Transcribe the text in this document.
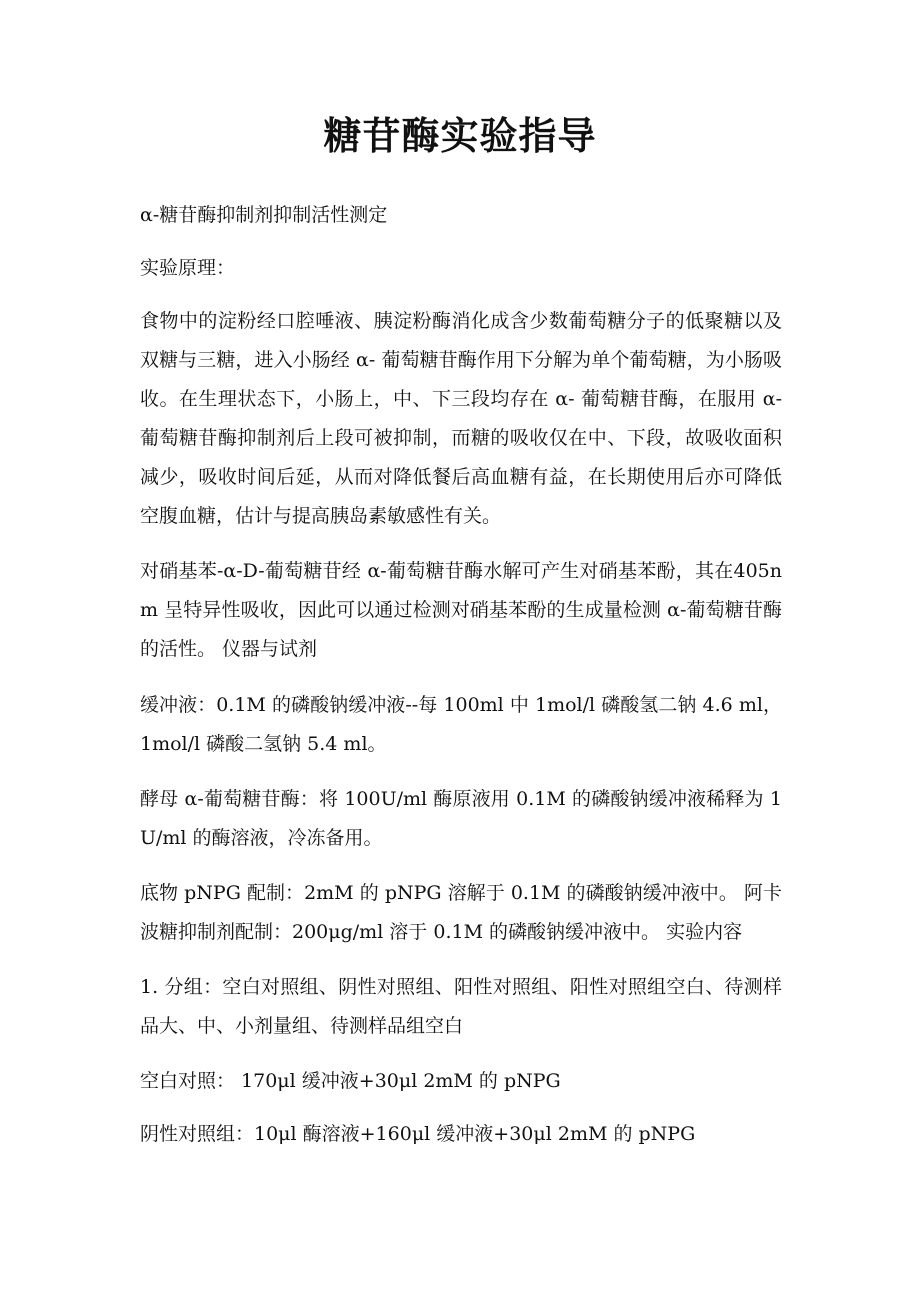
糖苷酶实验指导

α-糖苷酶抑制剂抑制活性测定

实验原理：

食物中的淀粉经口腔唾液、胰淀粉酶消化成含少数葡萄糖分子的低聚糖以及双糖与三糖，进入小肠经 α- 葡萄糖苷酶作用下分解为单个葡萄糖，为小肠吸收。在生理状态下，小肠上，中、下三段均存在 α- 葡萄糖苷酶，在服用 α- 葡萄糖苷酶抑制剂后上段可被抑制，而糖的吸收仅在中、下段，故吸收面积减少，吸收时间后延，从而对降低餐后高血糖有益，在长期使用后亦可降低空腹血糖，估计与提高胰岛素敏感性有关。

对硝基苯-α-D-葡萄糖苷经 α-葡萄糖苷酶水解可产生对硝基苯酚，其在405nm 呈特异性吸收，因此可以通过检测对硝基苯酚的生成量检测 α-葡萄糖苷酶的活性。 仪器与试剂

缓冲液：0.1M 的磷酸钠缓冲液--每 100ml 中 1mol/l 磷酸氢二钠 4.6 ml，1mol/l 磷酸二氢钠 5.4 ml。

酵母 α-葡萄糖苷酶：将 100U/ml 酶原液用 0.1M 的磷酸钠缓冲液稀释为 1U/ml 的酶溶液，冷冻备用。

底物 pNPG 配制：2mM 的 pNPG 溶解于 0.1M 的磷酸钠缓冲液中。 阿卡波糖抑制剂配制：200μg/ml 溶于 0.1M 的磷酸钠缓冲液中。 实验内容

1. 分组：空白对照组、阴性对照组、阳性对照组、阳性对照组空白、待测样品大、中、小剂量组、待测样品组空白

空白对照： 170μl 缓冲液+30μl 2mM 的 pNPG

阴性对照组：10μl 酶溶液+160μl 缓冲液+30μl 2mM 的 pNPG
